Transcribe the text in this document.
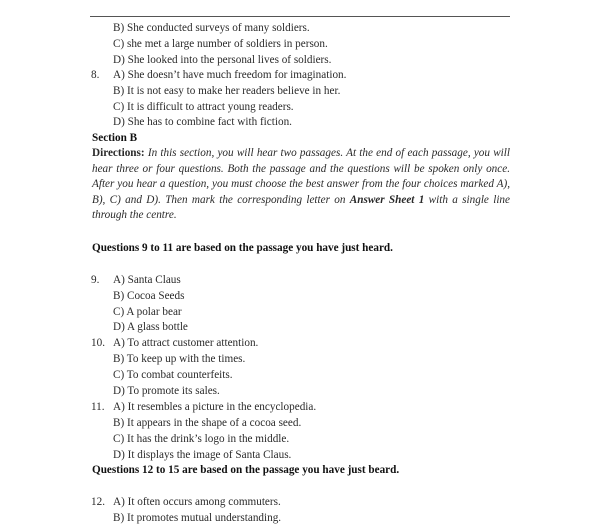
B) She conducted surveys of many soldiers.
C) she met a large number of soldiers in person.
D) She looked into the personal lives of soldiers.
8. A) She doesn’t have much freedom for imagination.
B) It is not easy to make her readers believe in her.
C) It is difficult to attract young readers.
D) She has to combine fact with fiction.
Section B
Directions: In this section, you will hear two passages. At the end of each passage, you will hear three or four questions. Both the passage and the questions will be spoken only once. After you hear a question, you must choose the best answer from the four choices marked A), B), C) and D). Then mark the corresponding letter on Answer Sheet 1 with a single line through the centre.
Questions 9 to 11 are based on the passage you have just heard.
9. A) Santa Claus
B) Cocoa Seeds
C) A polar bear
D) A glass bottle
10. A) To attract customer attention.
B) To keep up with the times.
C) To combat counterfeits.
D) To promote its sales.
11. A) It resembles a picture in the encyclopedia.
B) It appears in the shape of a cocoa seed.
C) It has the drink’s logo in the middle.
D) It displays the image of Santa Claus.
Questions 12 to 15 are based on the passage you have just beard.
12. A) It often occurs among commuters.
B) It promotes mutual understanding.
